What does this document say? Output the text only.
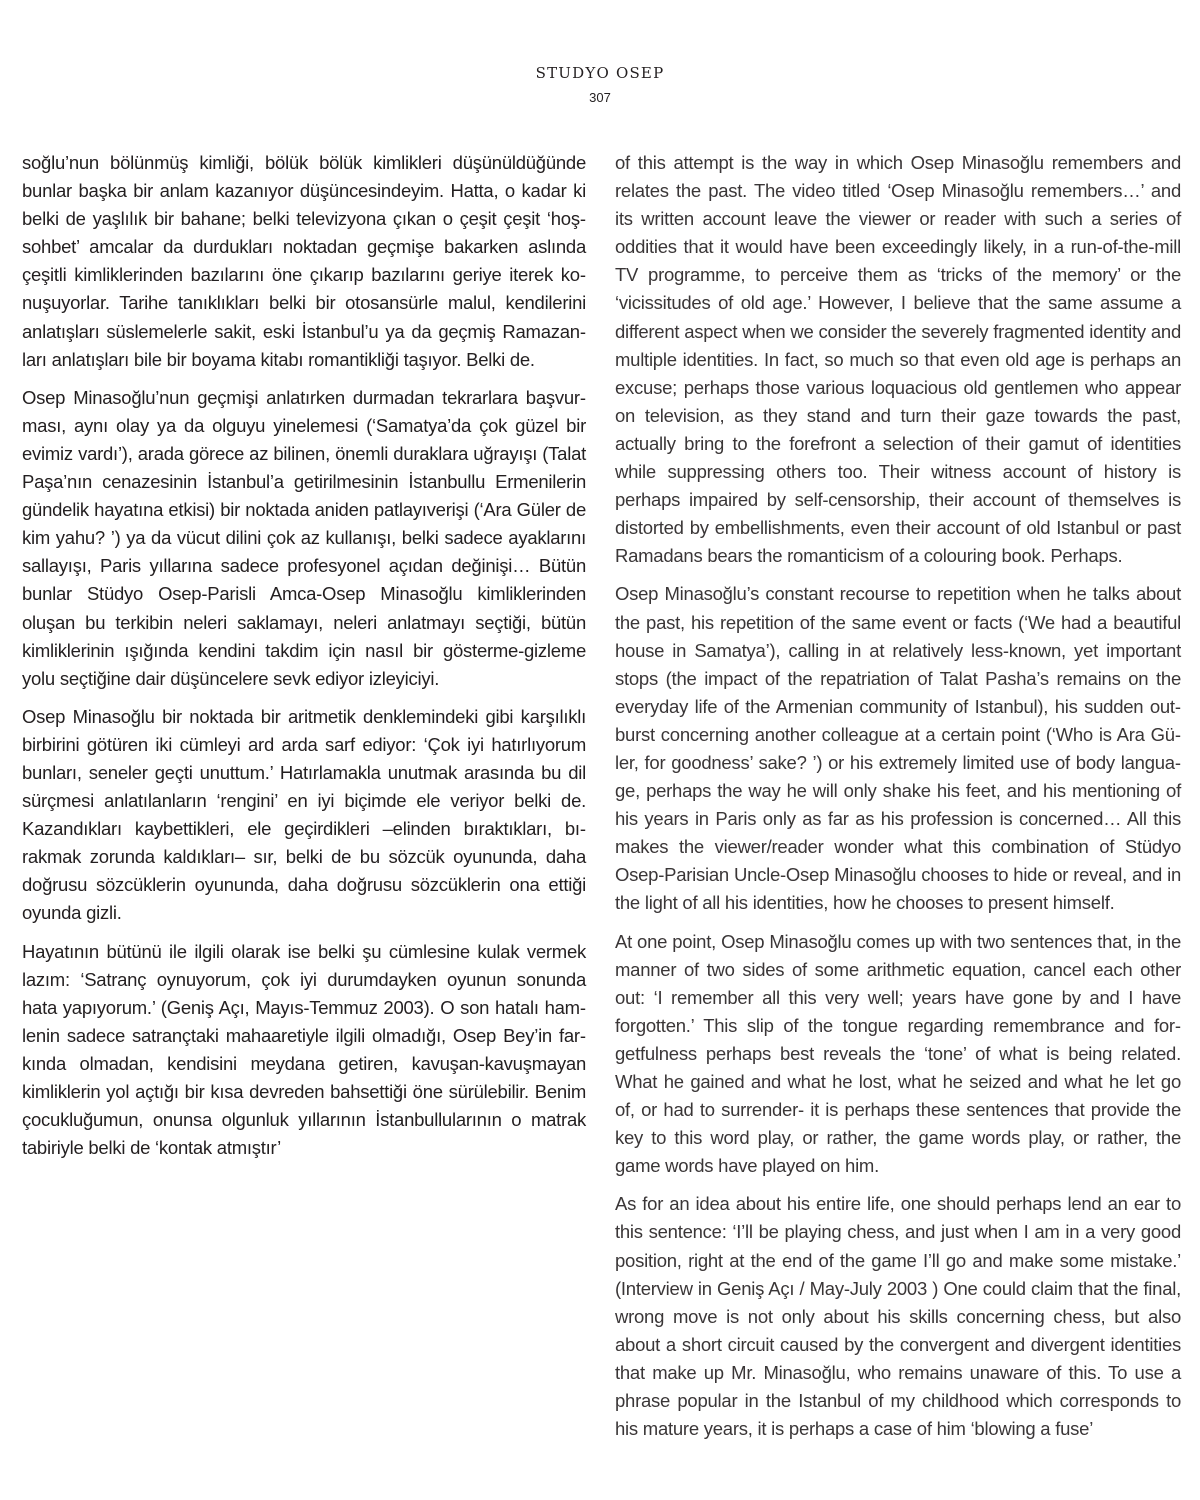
STUDYO OSEP
307

soğlu’nun bölünmüş kimliği, bölük bölük kimlikleri düşünüldüğünde bunlar başka bir anlam kazanıyor düşüncesindeyim. Hatta, o kadar ki belki de yaşlılık bir bahane; belki televizyona çıkan o çeşit çeşit ‘hoşsohbet’ amcalar da durdukları noktadan geçmişe bakarken aslında çeşitli kimliklerinden bazılarını öne çıkarıp bazılarını geriye iterek konuşuyorlar. Tarihe tanıklıkları belki bir otosansürle malul, kendilerini anlatışları süslemelerle sakit, eski İstanbul’u ya da geçmiş Ramazanları anlatışları bile bir boyama kitabı romantikliği taşıyor. Belki de.

Osep Minasoğlu’nun geçmişi anlatırken durmadan tekrarlara başvurması, aynı olay ya da olguyu yinelemesi (‘Samatya’da çok güzel bir evimiz vardı’), arada görece az bilinen, önemli duraklara uğrayışı (Talat Paşa’nın cenazesinin İstanbul’a getirilmesinin İstanbullu Ermenilerin gündelik hayatına etkisi) bir noktada aniden patlayıverişi (‘Ara Güler de kim yahu? ’) ya da vücut dilini çok az kullanışı, belki sadece ayaklarını sallayışı, Paris yıllarına sadece profesyonel açıdan değinişi… Bütün bunlar Stüdyo Osep-Parisli Amca-Osep Minasoğlu kimliklerinden oluşan bu terkibin neleri saklamayı, neleri anlatmayı seçtiği, bütün kimliklerinin ışığında kendini takdim için nasıl bir gösterme-gizleme yolu seçtiğine dair düşüncelere sevk ediyor izleyiciyi.

Osep Minasoğlu bir noktada bir aritmetik denklemindeki gibi karşılıklı birbirini götüren iki cümleyi ard arda sarf ediyor: ‘Çok iyi hatırlıyorum bunları, seneler geçti unuttum.’ Hatırlamakla unutmak arasında bu dil sürçmesi anlatılanların ‘rengini’ en iyi biçimde ele veriyor belki de. Kazandıkları kaybettikleri, ele geçirdikleri –elinden bıraktıkları, bırakmak zorunda kaldıkları– sır, belki de bu sözcük oyununda, daha doğrusu sözcüklerin oyununda, daha doğrusu sözcüklerin ona ettiği oyunda gizli.

Hayatının bütünü ile ilgili olarak ise belki şu cümlesine kulak vermek lazım: ‘Satranç oynuyorum, çok iyi durumdayken oyunun sonunda hata yapıyorum.’ (Geniş Açı, Mayıs-Temmuz 2003). O son hatalı hamlenin sadece satrançtaki mahaaretiyle ilgili olmadığı, Osep Bey’in farkında olmadan, kendisini meydana getiren, kavuşan-kavuşmayan kimliklerin yol açtığı bir kısa devreden bahsettiği öne sürülebilir. Benim çocukluğumun, onunsa olgunluk yıllarının İstanbullularının o matrak tabiriyle belki de ‘kontak atmıştır’

of this attempt is the way in which Osep Minasoğlu remembers and relates the past. The video titled ‘Osep Minasoğlu remembers…’ and its written account leave the viewer or reader with such a series of oddities that it would have been exceedingly likely, in a run-of-the-mill TV programme, to perceive them as ‘tricks of the memory’ or the ‘vicissitudes of old age.’ However, I believe that the same assume a different aspect when we consider the severely fragmented identity and multiple identities. In fact, so much so that even old age is perhaps an excuse; perhaps those various loquacious old gentlemen who appear on television, as they stand and turn their gaze towards the past, actually bring to the forefront a selection of their gamut of identities while suppressing others too. Their witness account of history is perhaps impaired by self-censorship, their account of themselves is distorted by embellishments, even their account of old Istanbul or past Ramadans bears the romanticism of a colouring book. Perhaps.

Osep Minasoğlu’s constant recourse to repetition when he talks about the past, his repetition of the same event or facts (‘We had a beautiful house in Samatya’), calling in at relatively less-known, yet important stops (the impact of the repatriation of Talat Pasha’s remains on the everyday life of the Armenian community of Istanbul), his sudden outburst concerning another colleague at a certain point (‘Who is Ara Güler, for goodness’ sake? ’) or his extremely limited use of body language, perhaps the way he will only shake his feet, and his mentioning of his years in Paris only as far as his profession is concerned… All this makes the viewer/reader wonder what this combination of Stüdyo Osep-Parisian Uncle-Osep Minasoğlu chooses to hide or reveal, and in the light of all his identities, how he chooses to present himself.

At one point, Osep Minasoğlu comes up with two sentences that, in the manner of two sides of some arithmetic equation, cancel each other out: ‘I remember all this very well; years have gone by and I have forgotten.’ This slip of the tongue regarding remembrance and forgetfulness perhaps best reveals the ‘tone’ of what is being related. What he gained and what he lost, what he seized and what he let go of, or had to surrender- it is perhaps these sentences that provide the key to this word play, or rather, the game words play, or rather, the game words have played on him.

As for an idea about his entire life, one should perhaps lend an ear to this sentence: ‘I’ll be playing chess, and just when I am in a very good position, right at the end of the game I’ll go and make some mistake.’ (Interview in Geniş Açı / May-July 2003 ) One could claim that the final, wrong move is not only about his skills concerning chess, but also about a short circuit caused by the convergent and divergent identities that make up Mr. Minasoğlu, who remains unaware of this. To use a phrase popular in the Istanbul of my childhood which corresponds to his mature years, it is perhaps a case of him ‘blowing a fuse’
